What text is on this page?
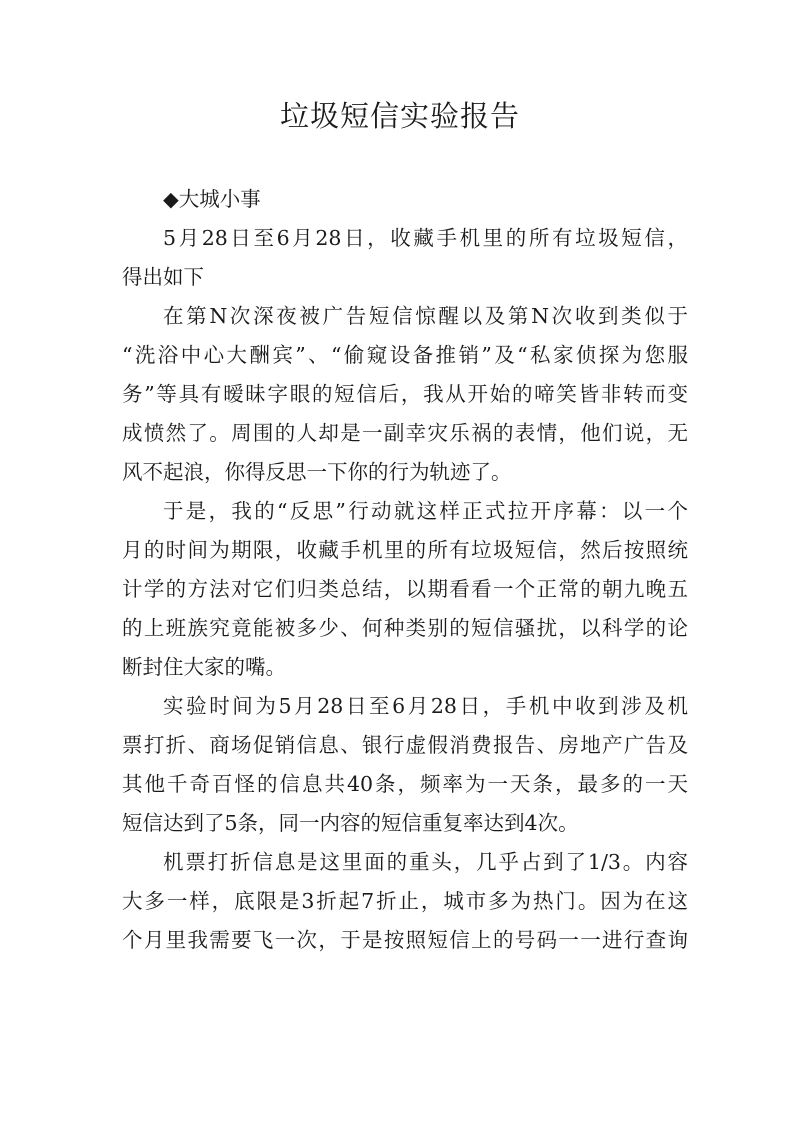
垃圾短信实验报告
◆大城小事
5月28日至6月28日，收藏手机里的所有垃圾短信，
得出如下
在第N次深夜被广告短信惊醒以及第N次收到类似于
“洗浴中心大酬宾”、“偷窥设备推销”及“私家侦探为您服
务”等具有暧昧字眼的短信后，我从开始的啼笑皆非转而变
成愤然了。周围的人却是一副幸灾乐祸的表情，他们说，无
风不起浪，你得反思一下你的行为轨迹了。
于是，我的“反思”行动就这样正式拉开序幕：以一个
月的时间为期限，收藏手机里的所有垃圾短信，然后按照统
计学的方法对它们归类总结，以期看看一个正常的朝九晚五
的上班族究竟能被多少、何种类别的短信骚扰，以科学的论
断封住大家的嘴。
实验时间为5月28日至6月28日，手机中收到涉及机
票打折、商场促销信息、银行虚假消费报告、房地产广告及
其他千奇百怪的信息共40条，频率为一天条，最多的一天
短信达到了5条，同一内容的短信重复率达到4次。
机票打折信息是这里面的重头，几乎占到了1/3。内容
大多一样，底限是3折起7折止，城市多为热门。因为在这
个月里我需要飞一次，于是按照短信上的号码一一进行查询
